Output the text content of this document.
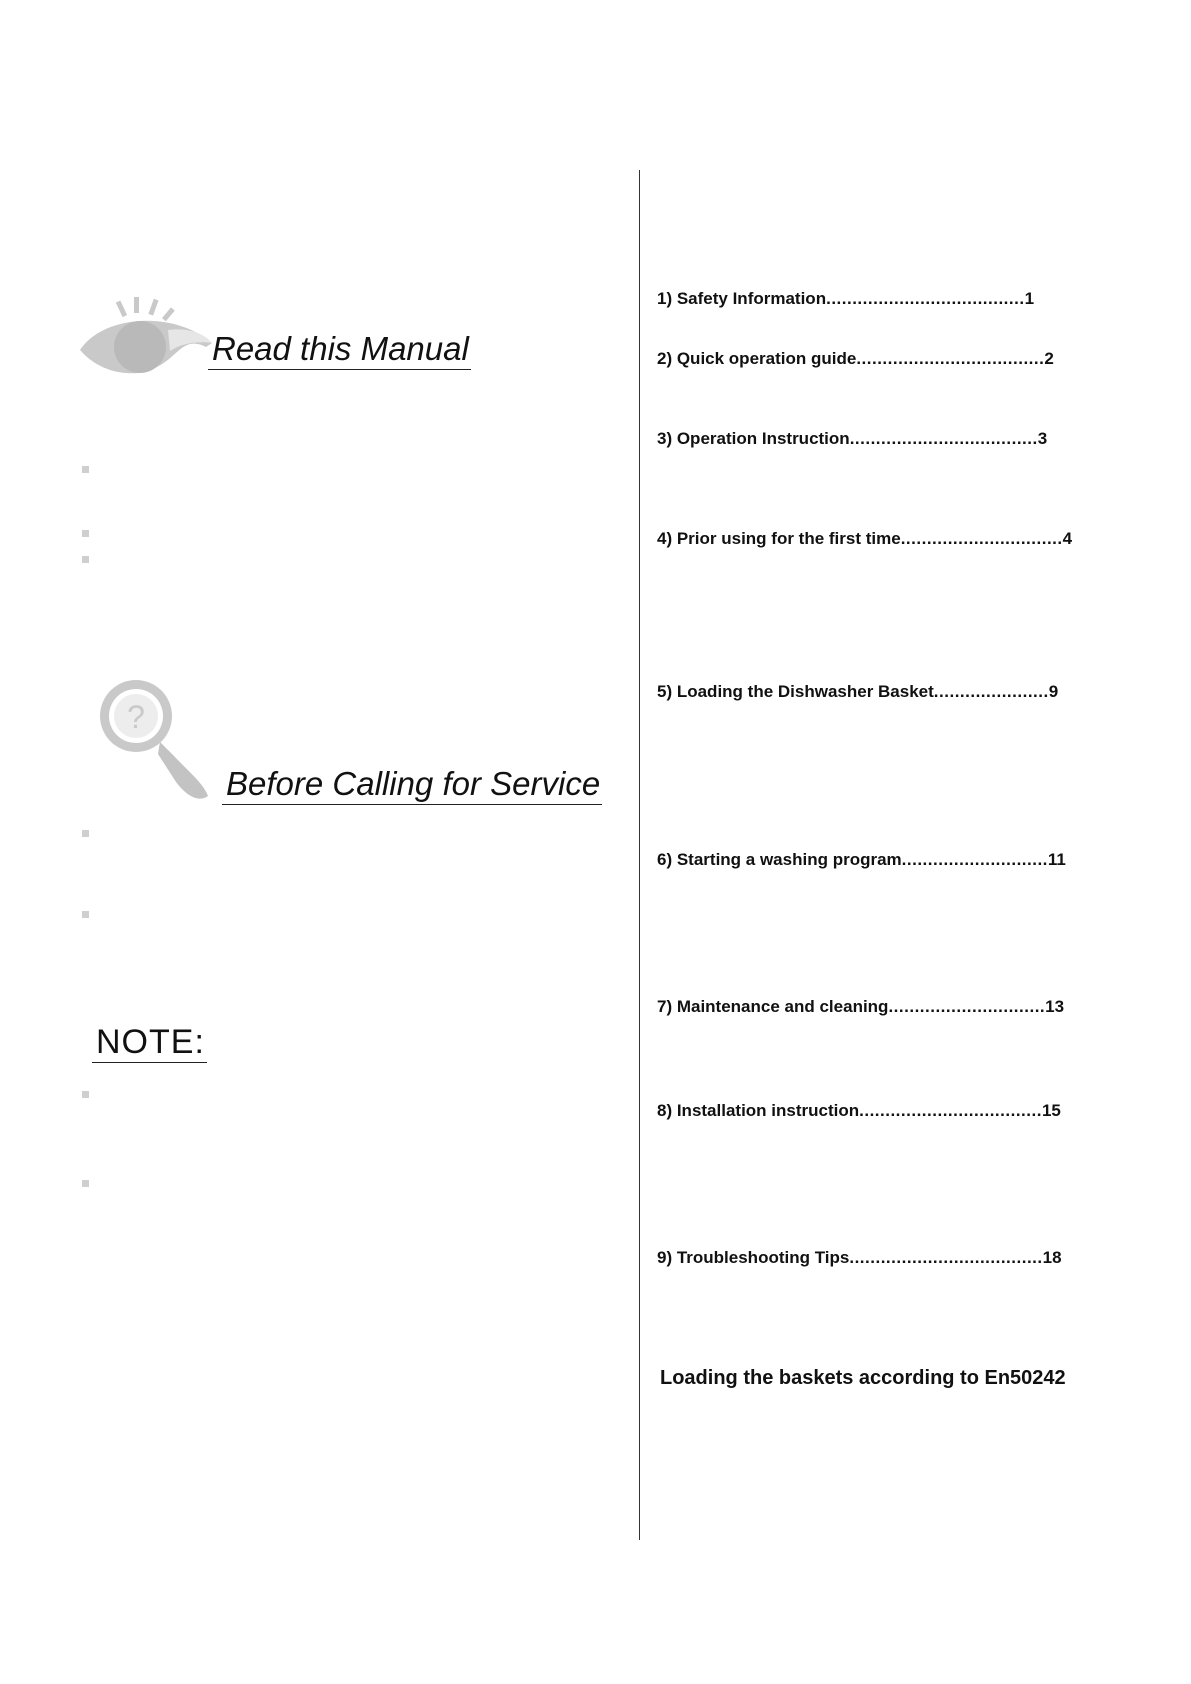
Read this Manual
?
Before Calling for Service
NOTE:
1) Safety Information......................................1
2) Quick operation guide....................................2
3) Operation Instruction....................................3
4) Prior using for the first time...............................4
5) Loading the Dishwasher Basket......................9
6) Starting a washing program............................11
7) Maintenance and cleaning..............................13
8) Installation instruction...................................15
9) Troubleshooting Tips.....................................18
Loading the baskets according to En50242
